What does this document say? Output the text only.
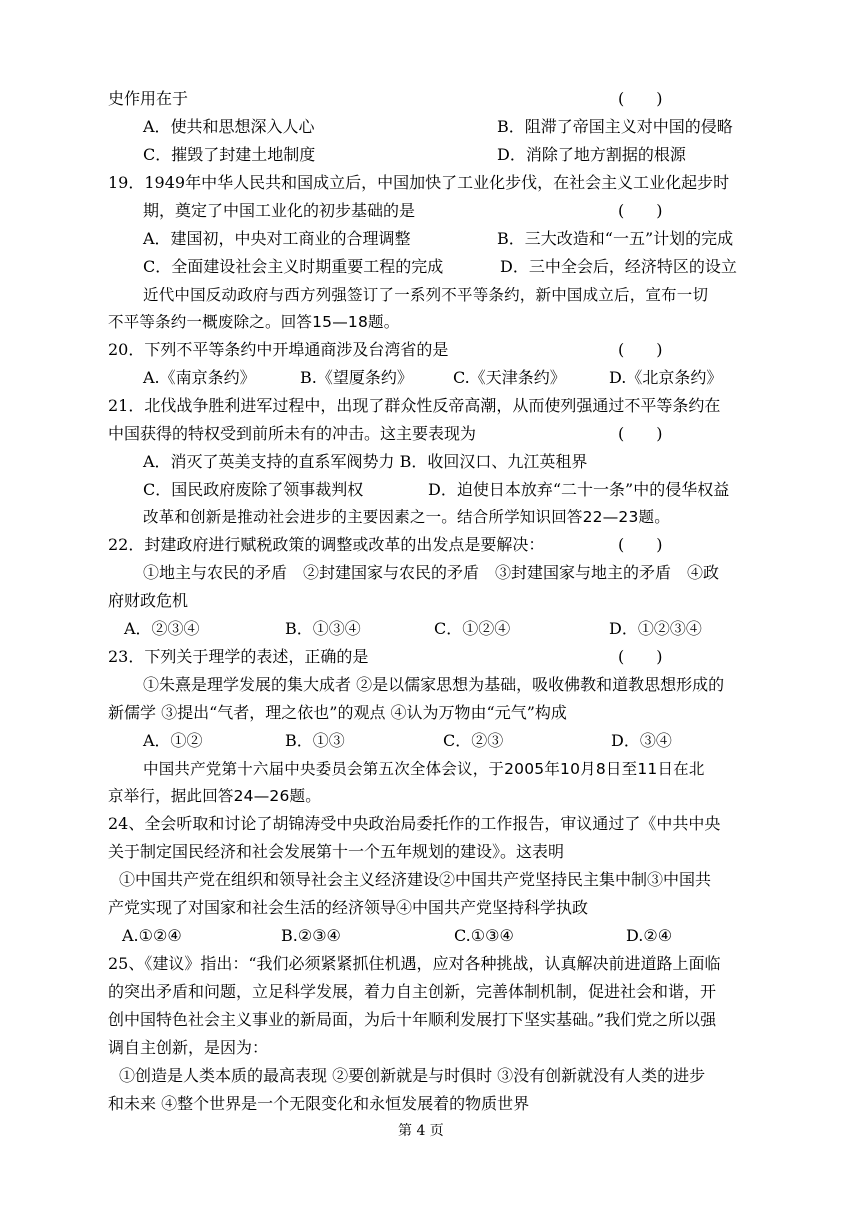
史作用在于	(　　)
A．使共和思想深入人心	B．阻滞了帝国主义对中国的侵略
C．摧毁了封建土地制度	D．消除了地方割据的根源
19．1949年中华人民共和国成立后，中国加快了工业化步伐，在社会主义工业化起步时
期，奠定了中国工业化的初步基础的是	(　　)
A．建国初，中央对工商业的合理调整	B．三大改造和“一五”计划的完成
C．全面建设社会主义时期重要工程的完成	D．三中全会后，经济特区的设立
近代中国反动政府与西方列强签订了一系列不平等条约，新中国成立后，宣布一切
不平等条约一概废除之。回答15—18题。
20．下列不平等条约中开埠通商涉及台湾省的是	(　　)
A.《南京条约》	B.《望厦条约》	C.《天津条约》	D.《北京条约》
21．北伐战争胜利进军过程中，出现了群众性反帝高潮，从而使列强通过不平等条约在
中国获得的特权受到前所未有的冲击。这主要表现为	(　　)
A．消灭了英美支持的直系军阀势力 B．收回汉口、九江英租界
C．国民政府废除了领事裁判权	D．迫使日本放弃“二十一条”中的侵华权益
改革和创新是推动社会进步的主要因素之一。结合所学知识回答22—23题。
22．封建政府进行赋税政策的调整或改革的出发点是要解决：	(　　)
①地主与农民的矛盾　②封建国家与农民的矛盾　③封建国家与地主的矛盾　④政
府财政危机
A．②③④	B．①③④	C．①②④	D．①②③④
23．下列关于理学的表述，正确的是	(　　)
①朱熹是理学发展的集大成者 ②是以儒家思想为基础，吸收佛教和道教思想形成的
新儒学 ③提出“气者，理之依也”的观点 ④认为万物由“元气”构成
A．①②	B．①③	C．②③	D．③④
中国共产党第十六届中央委员会第五次全体会议，于2005年10月8日至11日在北
京举行，据此回答24—26题。
24、全会听取和讨论了胡锦涛受中央政治局委托作的工作报告，审议通过了《中共中央
关于制定国民经济和社会发展第十一个五年规划的建设》。这表明
①中国共产党在组织和领导社会主义经济建设②中国共产党坚持民主集中制③中国共
产党实现了对国家和社会生活的经济领导④中国共产党坚持科学执政
A.①②④	B.②③④	C.①③④	D.②④
25、《建议》指出：“我们必须紧紧抓住机遇，应对各种挑战，认真解决前进道路上面临
的突出矛盾和问题，立足科学发展，着力自主创新，完善体制机制，促进社会和谐，开
创中国特色社会主义事业的新局面，为后十年顺利发展打下坚实基础。”我们党之所以强
调自主创新，是因为：
①创造是人类本质的最高表现 ②要创新就是与时俱时 ③没有创新就没有人类的进步
和未来 ④整个世界是一个无限变化和永恒发展着的物质世界
第 4 页
